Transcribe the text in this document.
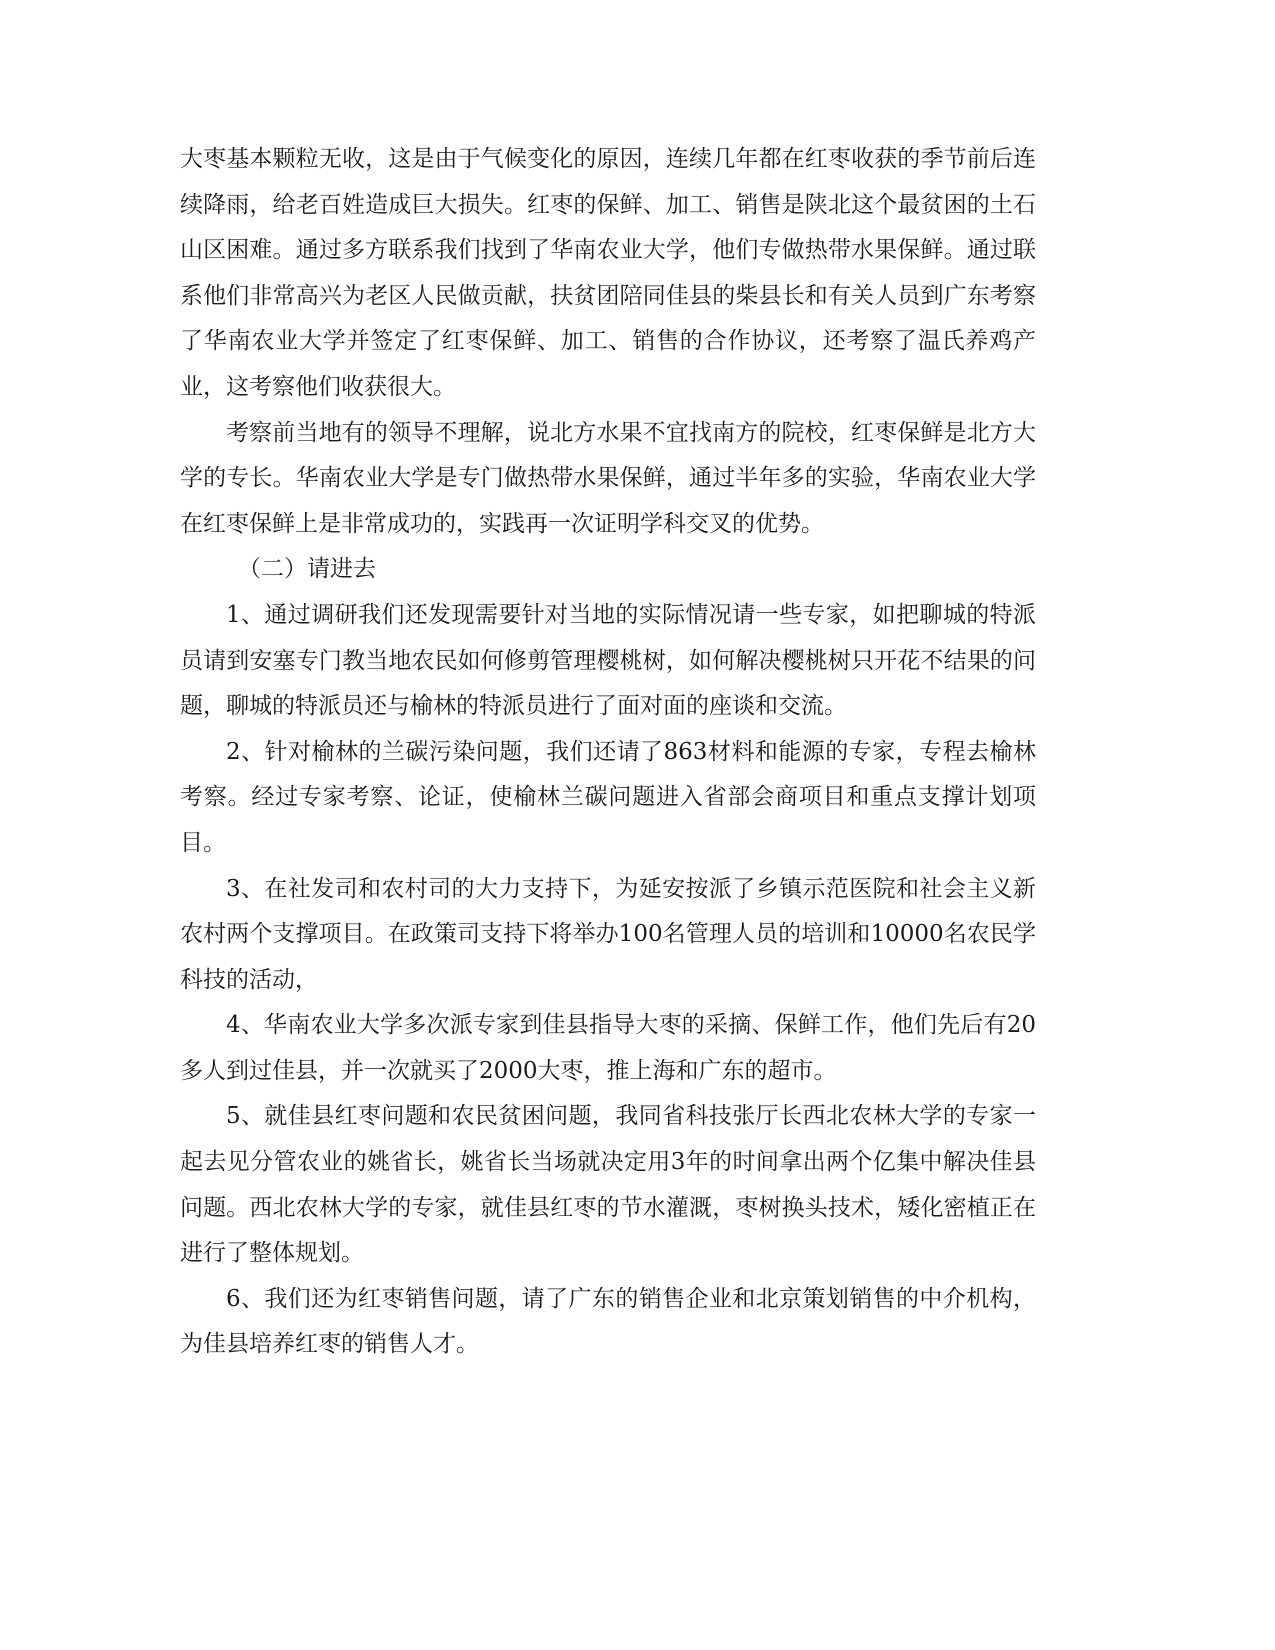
大枣基本颗粒无收，这是由于气候变化的原因，连续几年都在红枣收获的季节前后连续降雨，给老百姓造成巨大损失。红枣的保鲜、加工、销售是陕北这个最贫困的土石山区困难。通过多方联系我们找到了华南农业大学，他们专做热带水果保鲜。通过联系他们非常高兴为老区人民做贡献，扶贫团陪同佳县的柴县长和有关人员到广东考察了华南农业大学并签定了红枣保鲜、加工、销售的合作协议，还考察了温氏养鸡产业，这考察他们收获很大。

考察前当地有的领导不理解，说北方水果不宜找南方的院校，红枣保鲜是北方大学的专长。华南农业大学是专门做热带水果保鲜，通过半年多的实验，华南农业大学在红枣保鲜上是非常成功的，实践再一次证明学科交叉的优势。

（二）请进去

1、通过调研我们还发现需要针对当地的实际情况请一些专家，如把聊城的特派员请到安塞专门教当地农民如何修剪管理樱桃树，如何解决樱桃树只开花不结果的问题，聊城的特派员还与榆林的特派员进行了面对面的座谈和交流。

2、针对榆林的兰碳污染问题，我们还请了863材料和能源的专家，专程去榆林考察。经过专家考察、论证，使榆林兰碳问题进入省部会商项目和重点支撑计划项目。

3、在社发司和农村司的大力支持下，为延安按派了乡镇示范医院和社会主义新农村两个支撑项目。在政策司支持下将举办100名管理人员的培训和10000名农民学科技的活动，

4、华南农业大学多次派专家到佳县指导大枣的采摘、保鲜工作，他们先后有20多人到过佳县，并一次就买了2000大枣，推上海和广东的超市。

5、就佳县红枣问题和农民贫困问题，我同省科技张厅长西北农林大学的专家一起去见分管农业的姚省长，姚省长当场就决定用3年的时间拿出两个亿集中解决佳县问题。西北农林大学的专家，就佳县红枣的节水灌溉，枣树换头技术，矮化密植正在进行了整体规划。

6、我们还为红枣销售问题，请了广东的销售企业和北京策划销售的中介机构，为佳县培养红枣的销售人才。
